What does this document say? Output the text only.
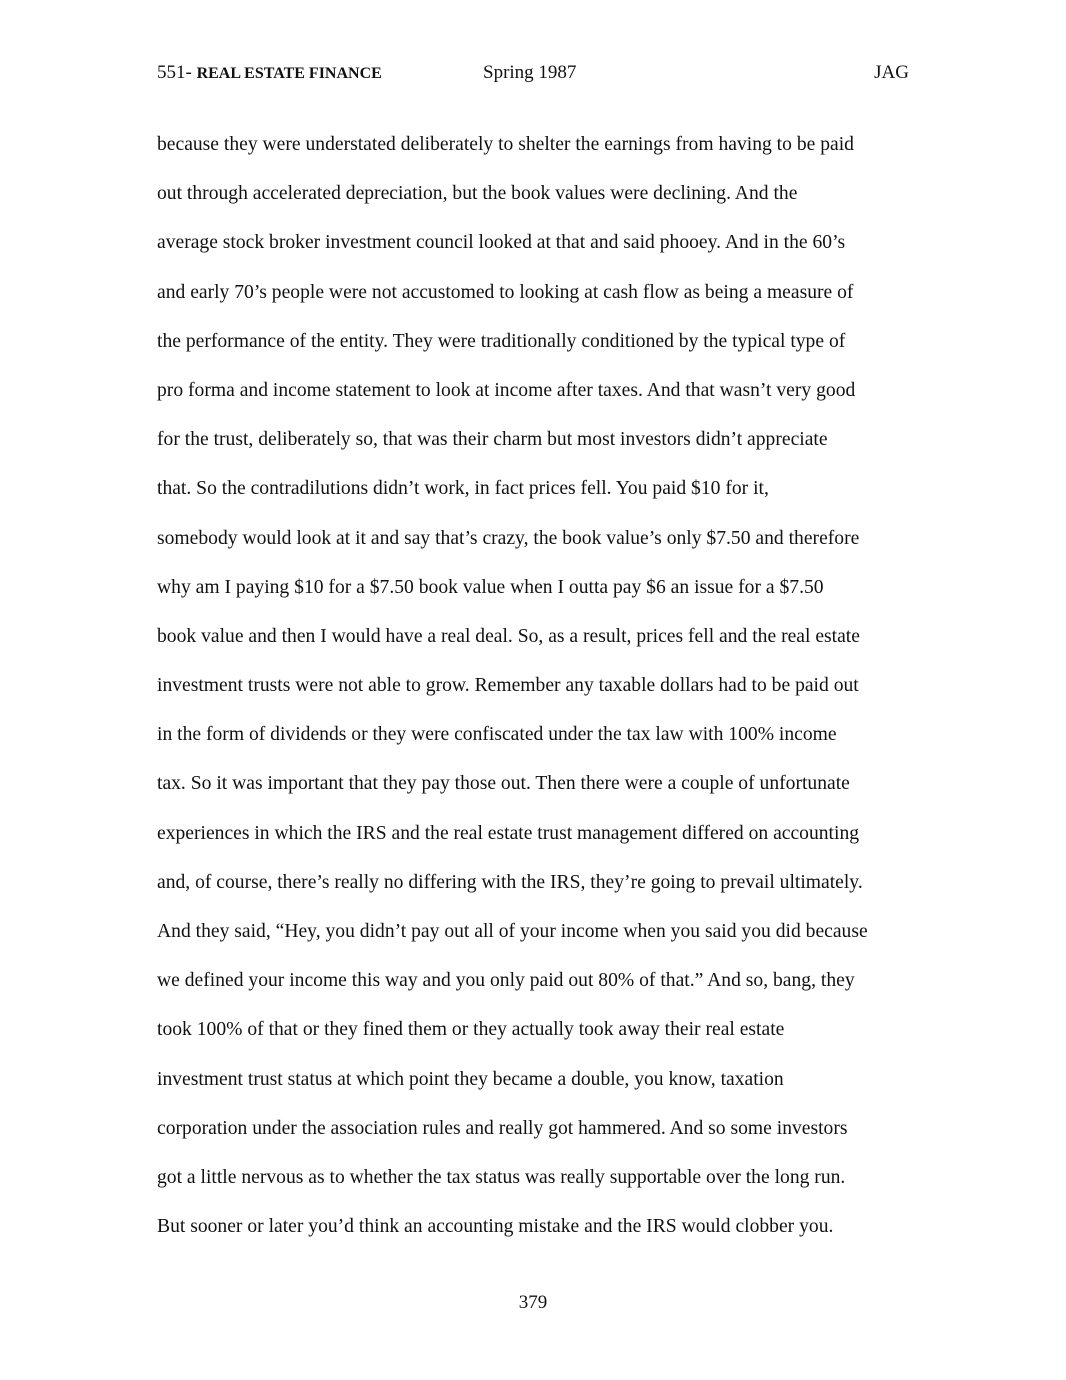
551- REAL ESTATE FINANCE	Spring 1987	JAG
because they were understated deliberately to shelter the earnings from having to be paid
out through accelerated depreciation, but the book values were declining. And the
average stock broker investment council looked at that and said phooey. And in the 60’s
and early 70’s people were not accustomed to looking at cash flow as being a measure of
the performance of the entity. They were traditionally conditioned by the typical type of
pro forma and income statement to look at income after taxes. And that wasn’t very good
for the trust, deliberately so, that was their charm but most investors didn’t appreciate
that. So the contradilutions didn’t work, in fact prices fell. You paid $10 for it,
somebody would look at it and say that’s crazy, the book value’s only $7.50 and therefore
why am I paying $10 for a $7.50 book value when I outta pay $6 an issue for a $7.50
book value and then I would have a real deal. So, as a result, prices fell and the real estate
investment trusts were not able to grow. Remember any taxable dollars had to be paid out
in the form of dividends or they were confiscated under the tax law with 100% income
tax. So it was important that they pay those out. Then there were a couple of unfortunate
experiences in which the IRS and the real estate trust management differed on accounting
and, of course, there’s really no differing with the IRS, they’re going to prevail ultimately.
And they said, “Hey, you didn’t pay out all of your income when you said you did because
we defined your income this way and you only paid out 80% of that.” And so, bang, they
took 100% of that or they fined them or they actually took away their real estate
investment trust status at which point they became a double, you know, taxation
corporation under the association rules and really got hammered. And so some investors
got a little nervous as to whether the tax status was really supportable over the long run.
But sooner or later you’d think an accounting mistake and the IRS would clobber you.
379
